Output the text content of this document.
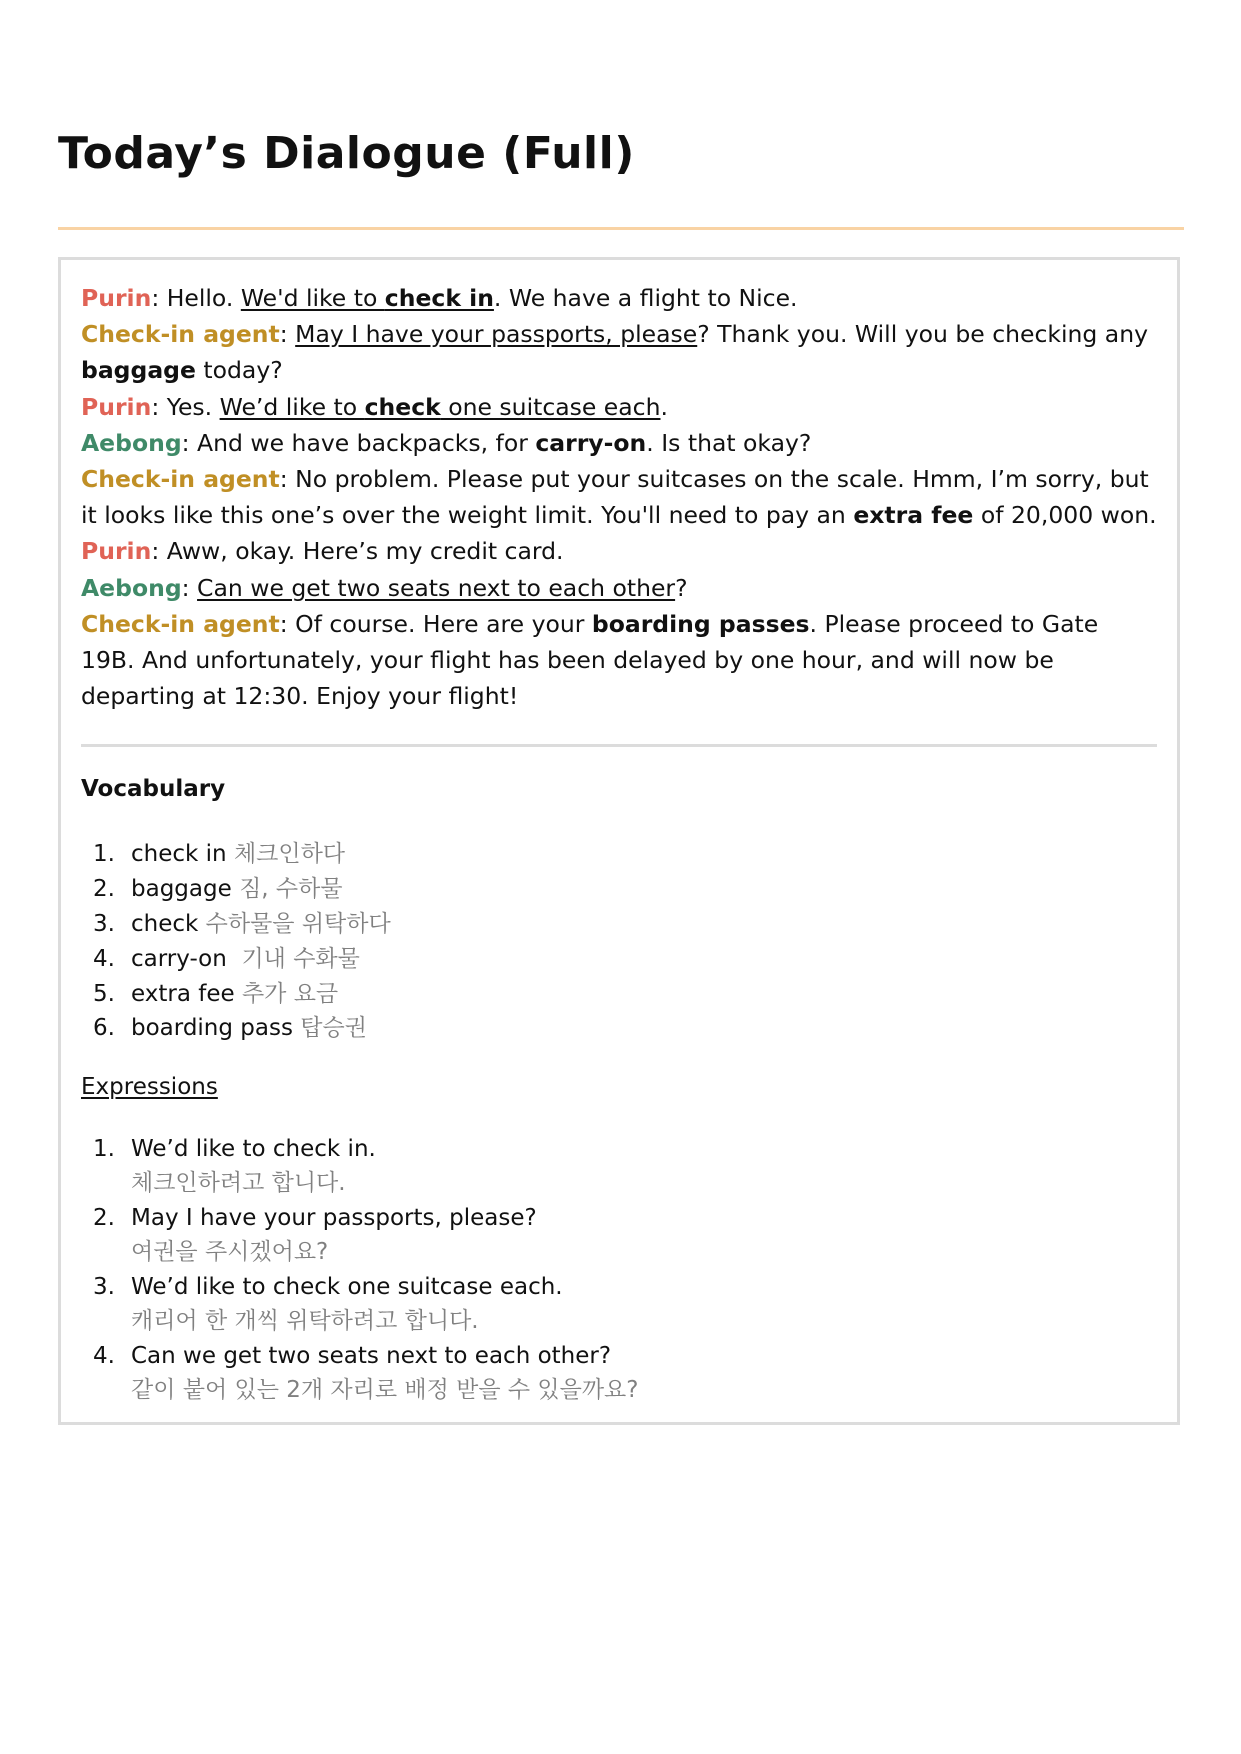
Today’s Dialogue (Full)

Purin: Hello. We'd like to check in. We have a flight to Nice.

Check-in agent: May I have your passports, please? Thank you. Will you be checking any baggage today?

Purin: Yes. We’d like to check one suitcase each.

Aebong: And we have backpacks, for carry-on. Is that okay?

Check-in agent: No problem. Please put your suitcases on the scale. Hmm, I’m sorry, but it looks like this one’s over the weight limit. You'll need to pay an extra fee of 20,000 won.

Purin: Aww, okay. Here’s my credit card.

Aebong: Can we get two seats next to each other?

Check-in agent: Of course. Here are your boarding passes. Please proceed to Gate 19B. And unfortunately, your flight has been delayed by one hour, and will now be departing at 12:30. Enjoy your flight!

Vocabulary

1. check in 체크인하다
2. baggage 짐, 수하물
3. check 수하물을 위탁하다
4. carry-on  기내 수화물
5. extra fee 추가 요금
6. boarding pass 탑승권

Expressions

1. We’d like to check in.
체크인하려고 합니다.
2. May I have your passports, please?
여권을 주시겠어요?
3. We’d like to check one suitcase each.
캐리어 한 개씩 위탁하려고 합니다.
4. Can we get two seats next to each other?
같이 붙어 있는 2개 자리로 배정 받을 수 있을까요?
